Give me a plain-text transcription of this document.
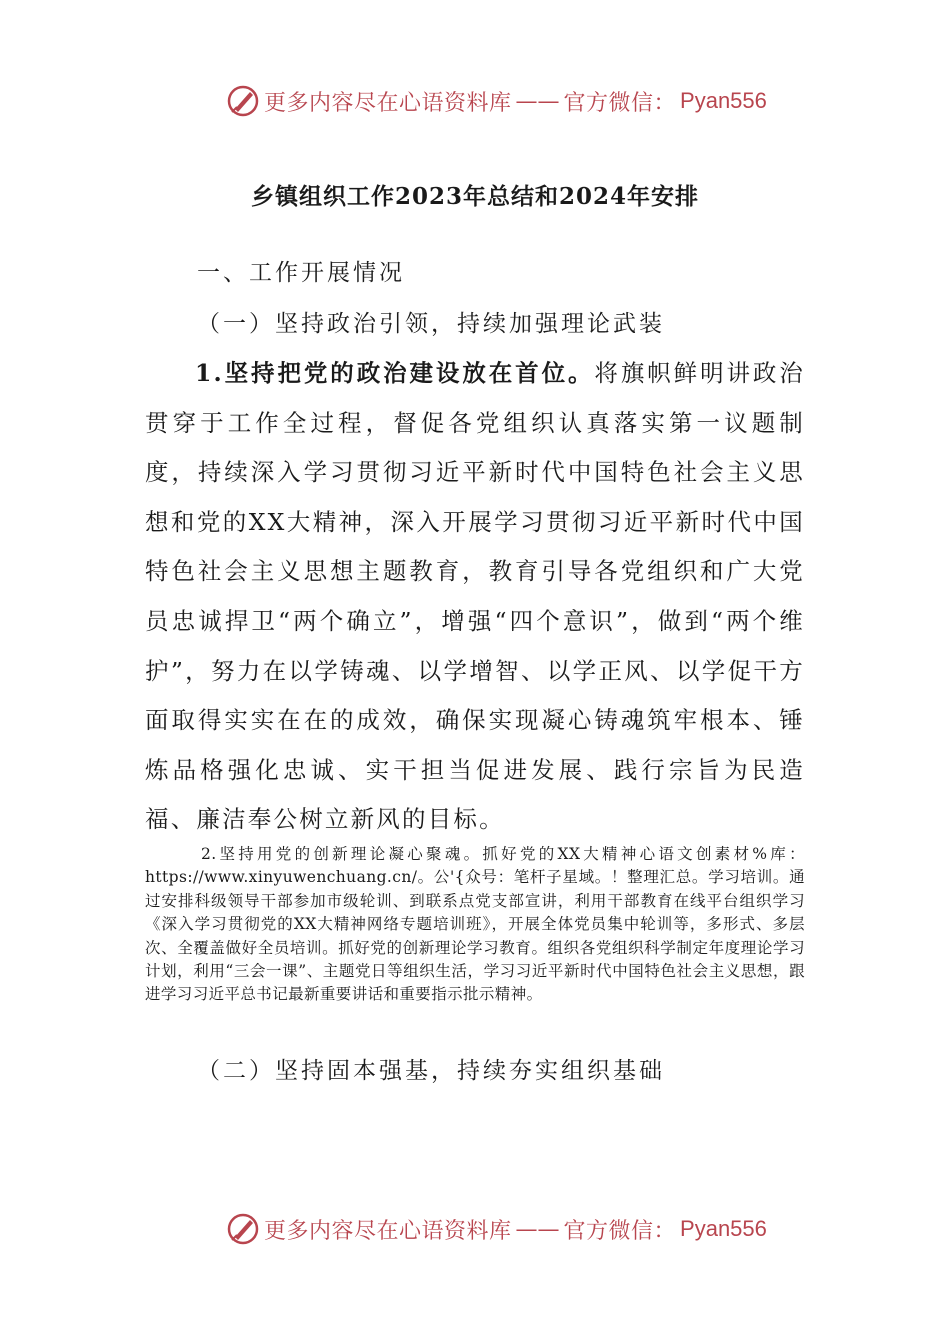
更多内容尽在心语资料库 —— 官方微信： Pyan556
乡镇组织工作2023年总结和2024年安排
一、工作开展情况
（一）坚持政治引领，持续加强理论武装

1.坚持把党的政治建设放在首位。将旗帜鲜明讲政治贯穿于工作全过程，督促各党组织认真落实第一议题制度，持续深入学习贯彻习近平新时代中国特色社会主义思想和党的XX大精神，深入开展学习贯彻习近平新时代中国特色社会主义思想主题教育，教育引导各党组织和广大党员忠诚捍卫“两个确立”，增强“四个意识”，做到“两个维护”，努力在以学铸魂、以学增智、以学正风、以学促干方面取得实实在在的成效，确保实现凝心铸魂筑牢根本、锤炼品格强化忠诚、实干担当促进发展、践行宗旨为民造福、廉洁奉公树立新风的目标。

2.坚持用党的创新理论凝心聚魂。抓好党的XX大精神心语文创素材%库：https://www.xinyuwenchuang.cn/。公'{众号：笔杆子星域。！整理汇总。学习培训。通过安排科级领导干部参加市级轮训、到联系点党支部宣讲，利用干部教育在线平台组织学习《深入学习贯彻党的XX大精神网络专题培训班》，开展全体党员集中轮训等，多形式、多层次、全覆盖做好全员培训。抓好党的创新理论学习教育。组织各党组织科学制定年度理论学习计划，利用“三会一课”、主题党日等组织生活，学习习近平新时代中国特色社会主义思想，跟进学习习近平总书记最新重要讲话和重要指示批示精神。

（二）坚持固本强基，持续夯实组织基础
更多内容尽在心语资料库 —— 官方微信： Pyan556
